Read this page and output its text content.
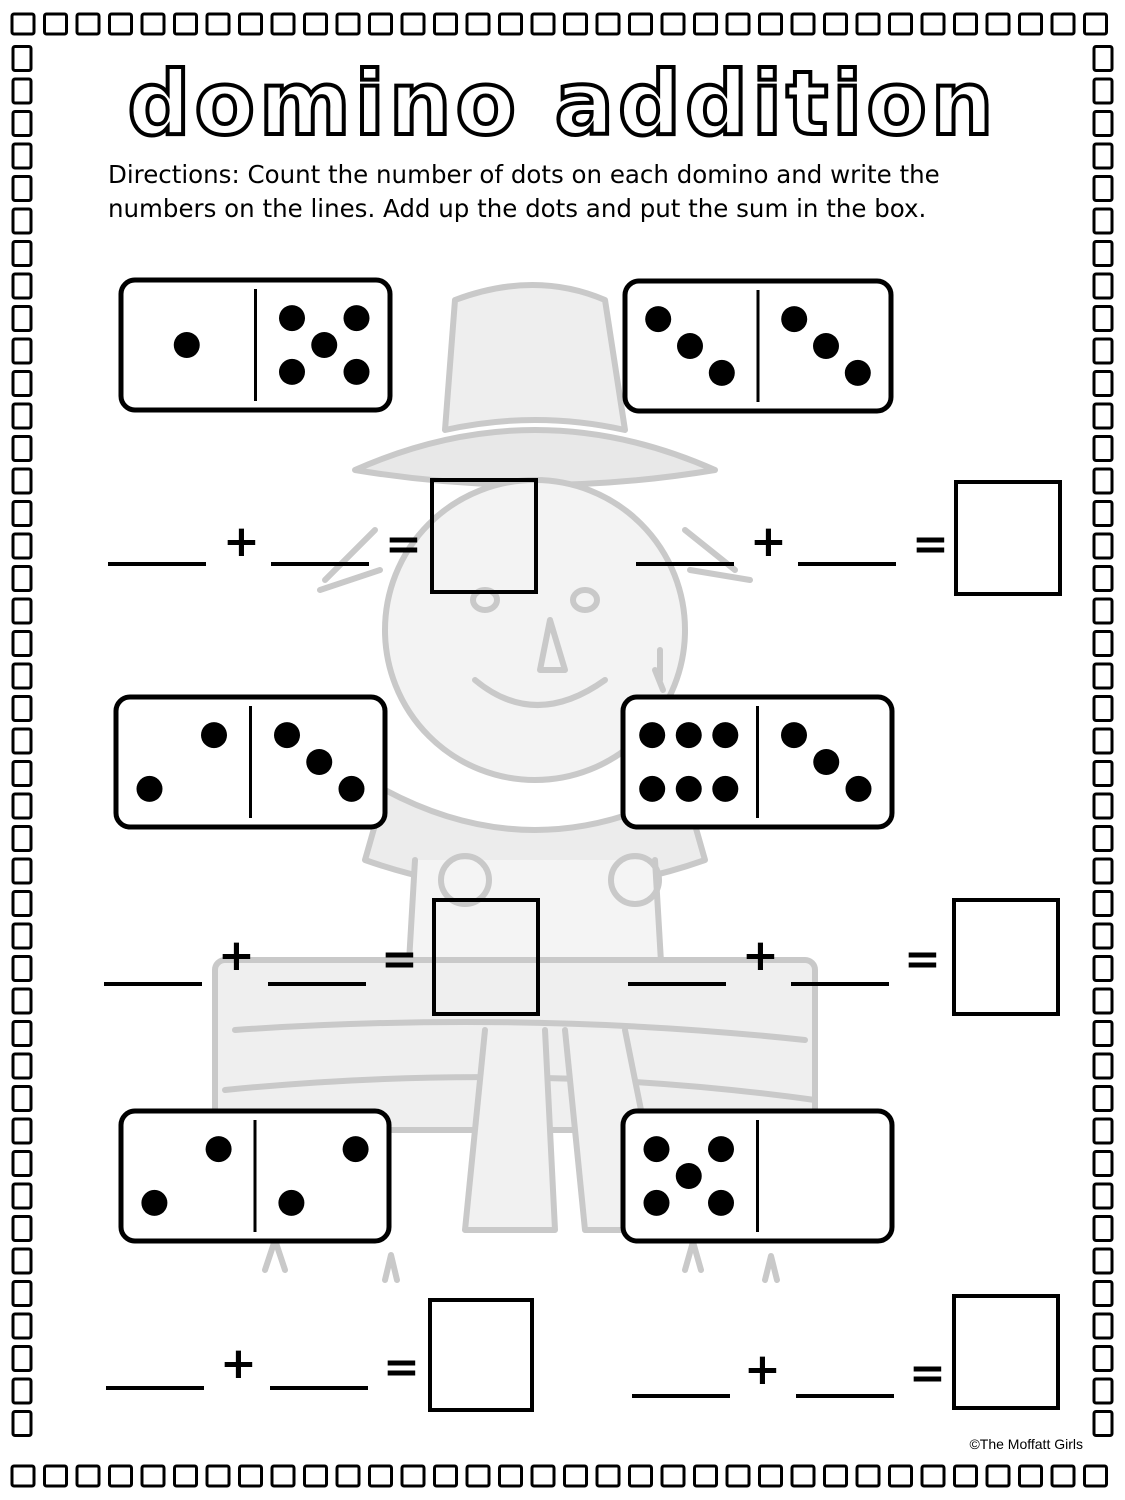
domino addition
Directions: Count the number of dots on each domino and write the numbers on the lines. Add up the dots and put the sum in the box.
+	=	+	=
+	=	+	=
+	=	+	=
©The Moffatt Girls
